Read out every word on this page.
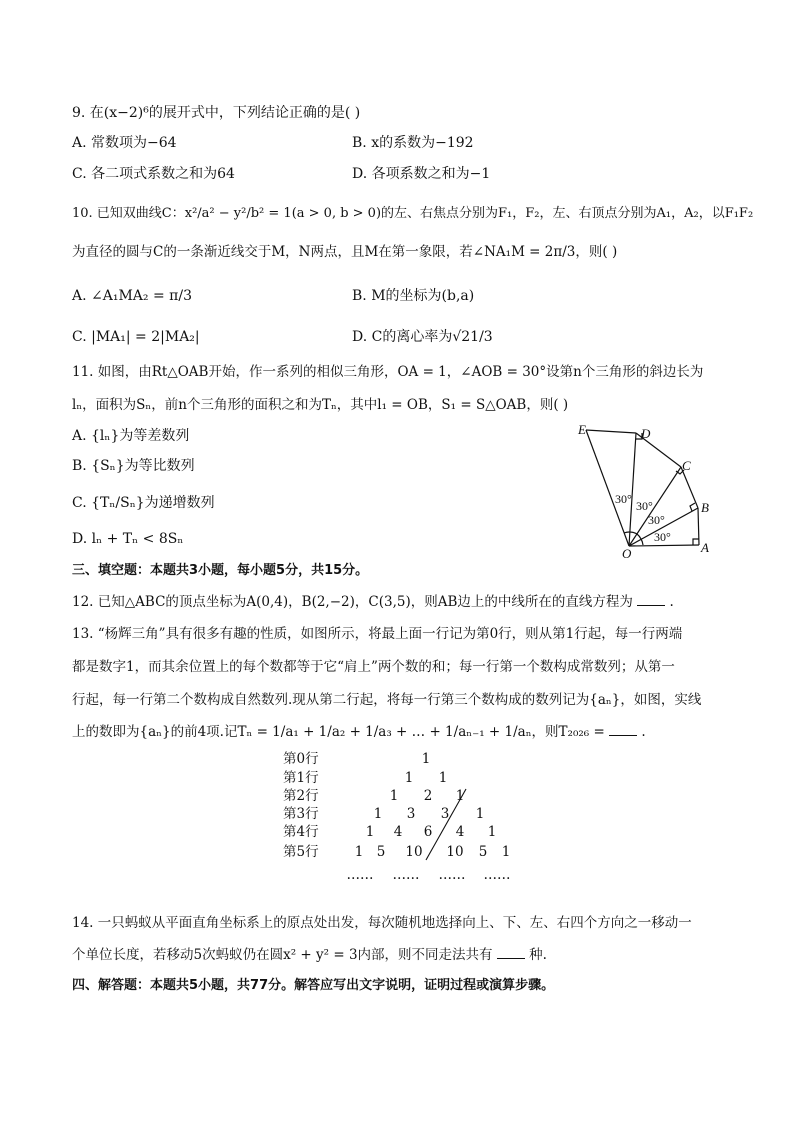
9. 在(x−2)⁶的展开式中，下列结论正确的是( )
A. 常数项为−64	B. x的系数为−192
C. 各二项式系数之和为64	D. 各项系数之和为−1
10. 已知双曲线C：x²/a² − y²/b² = 1(a > 0, b > 0)的左、右焦点分别为F₁，F₂，左、右顶点分别为A₁，A₂，以F₁F₂
为直径的圆与C的一条渐近线交于M，N两点，且M在第一象限，若∠NA₁M = 2π/3，则( )
A. ∠A₁MA₂ = π/3	B. M的坐标为(b,a)
C. |MA₁| = 2|MA₂|	D. C的离心率为√21/3
11. 如图，由Rt△OAB开始，作一系列的相似三角形，OA = 1，∠AOB = 30°设第n个三角形的斜边长为
lₙ，面积为Sₙ，前n个三角形的面积之和为Tₙ，其中l₁ = OB，S₁ = S△OAB，则( )
A. {lₙ}为等差数列
B. {Sₙ}为等比数列
C. {Tₙ/Sₙ}为递增数列
D. lₙ + Tₙ < 8Sₙ
E	D
C
B
O	A
30° 30°
30°
30°
三、填空题：本题共3小题，每小题5分，共15分。
12. 已知△ABC的顶点坐标为A(0,4)，B(2,−2)，C(3,5)，则AB边上的中线所在的直线方程为	.
13. “杨辉三角”具有很多有趣的性质，如图所示，将最上面一行记为第0行，则从第1行起，每一行两端
都是数字1，而其余位置上的每个数都等于它“肩上”两个数的和；每一行第一个数构成常数列；从第一
行起，每一行第二个数构成自然数列.现从第二行起，将每一行第三个数构成的数列记为{aₙ}，如图，实线
上的数即为{aₙ}的前4项.记Tₙ = 1/a₁ + 1/a₂ + 1/a₃ + … + 1/aₙ₋₁ + 1/aₙ，则T₂₀₂₆ =	.
第0行
第1行
第2行
第3行
第4行
第5行
1
1 1
1 2 1
1 3 3 1
1 4 6 4 1
1 5 10 10 5 1
…… …… …… ……
14. 一只蚂蚁从平面直角坐标系上的原点处出发，每次随机地选择向上、下、左、右四个方向之一移动一
个单位长度，若移动5次蚂蚁仍在圆x² + y² = 3内部，则不同走法共有	种.
四、解答题：本题共5小题，共77分。解答应写出文字说明，证明过程或演算步骤。
